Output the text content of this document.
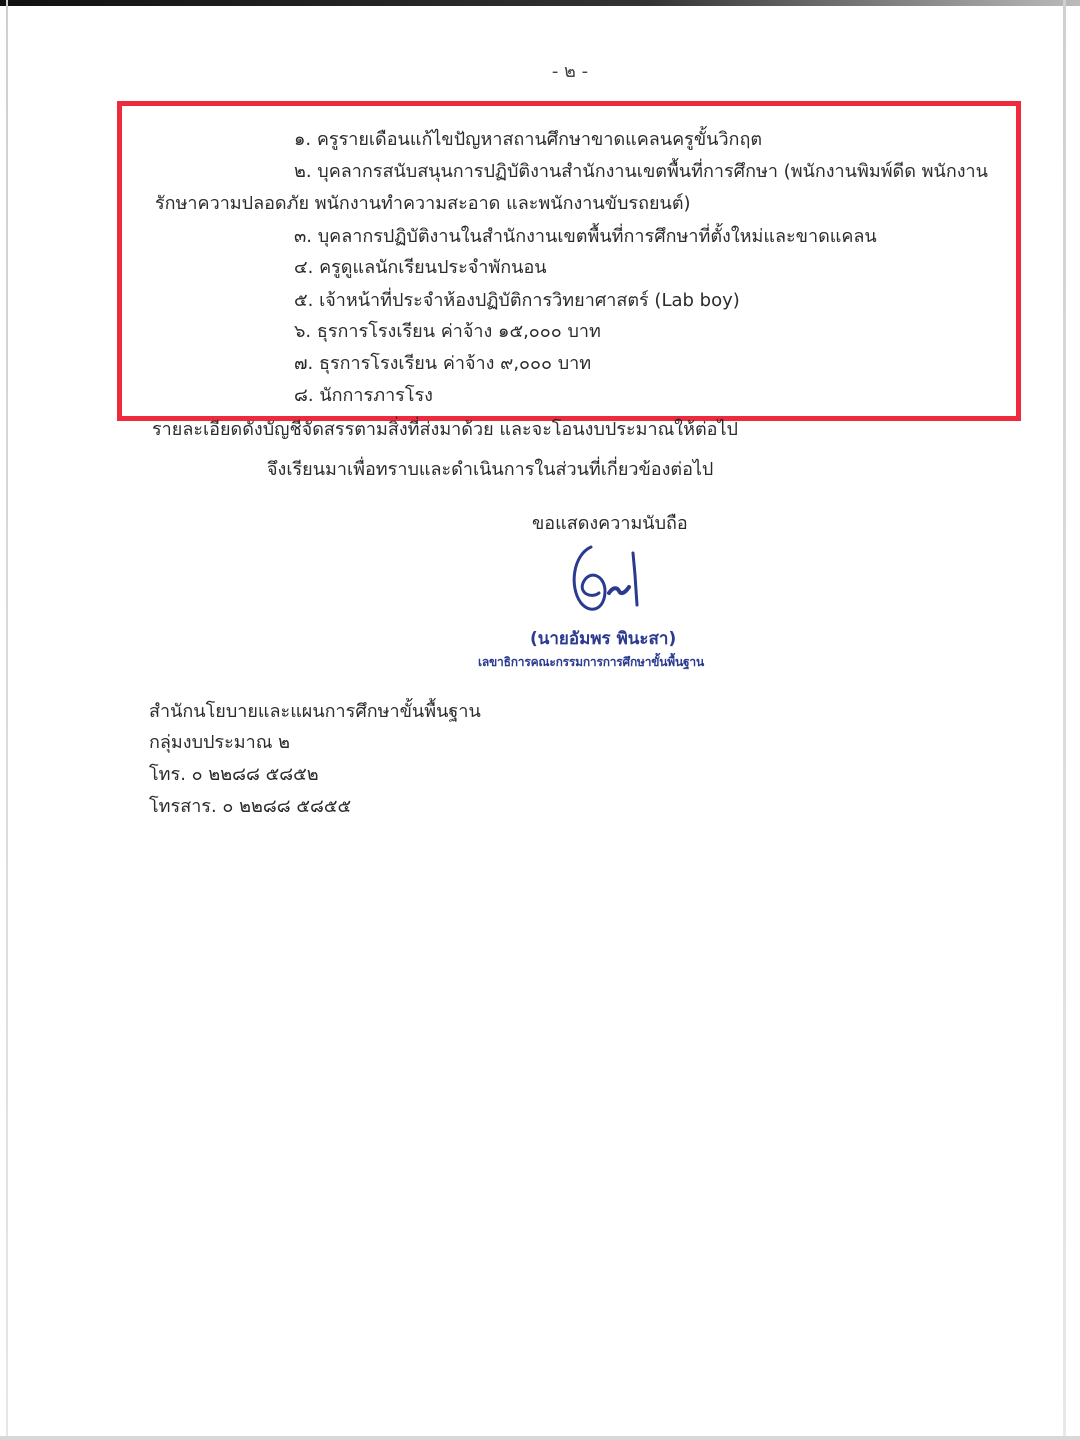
- ๒ -
๑. ครูรายเดือนแก้ไขปัญหาสถานศึกษาขาดแคลนครูขั้นวิกฤต
๒. บุคลากรสนับสนุนการปฏิบัติงานสำนักงานเขตพื้นที่การศึกษา (พนักงานพิมพ์ดีด พนักงาน
รักษาความปลอดภัย พนักงานทำความสะอาด และพนักงานขับรถยนต์)
๓. บุคลากรปฏิบัติงานในสำนักงานเขตพื้นที่การศึกษาที่ตั้งใหม่และขาดแคลน
๔. ครูดูแลนักเรียนประจำพักนอน
๕. เจ้าหน้าที่ประจำห้องปฏิบัติการวิทยาศาสตร์ (Lab boy)
๖. ธุรการโรงเรียน ค่าจ้าง ๑๕,๐๐๐ บาท
๗. ธุรการโรงเรียน ค่าจ้าง ๙,๐๐๐ บาท
๘. นักการภารโรง
รายละเอียดดังบัญชีจัดสรรตามสิ่งที่ส่งมาด้วย และจะโอนงบประมาณให้ต่อไป
จึงเรียนมาเพื่อทราบและดำเนินการในส่วนที่เกี่ยวข้องต่อไป
ขอแสดงความนับถือ
(นายอัมพร พินะสา)
เลขาธิการคณะกรรมการการศึกษาขั้นพื้นฐาน
สำนักนโยบายและแผนการศึกษาขั้นพื้นฐาน
กลุ่มงบประมาณ ๒
โทร. ๐ ๒๒๘๘ ๕๘๕๒
โทรสาร. ๐ ๒๒๘๘ ๕๘๕๕
